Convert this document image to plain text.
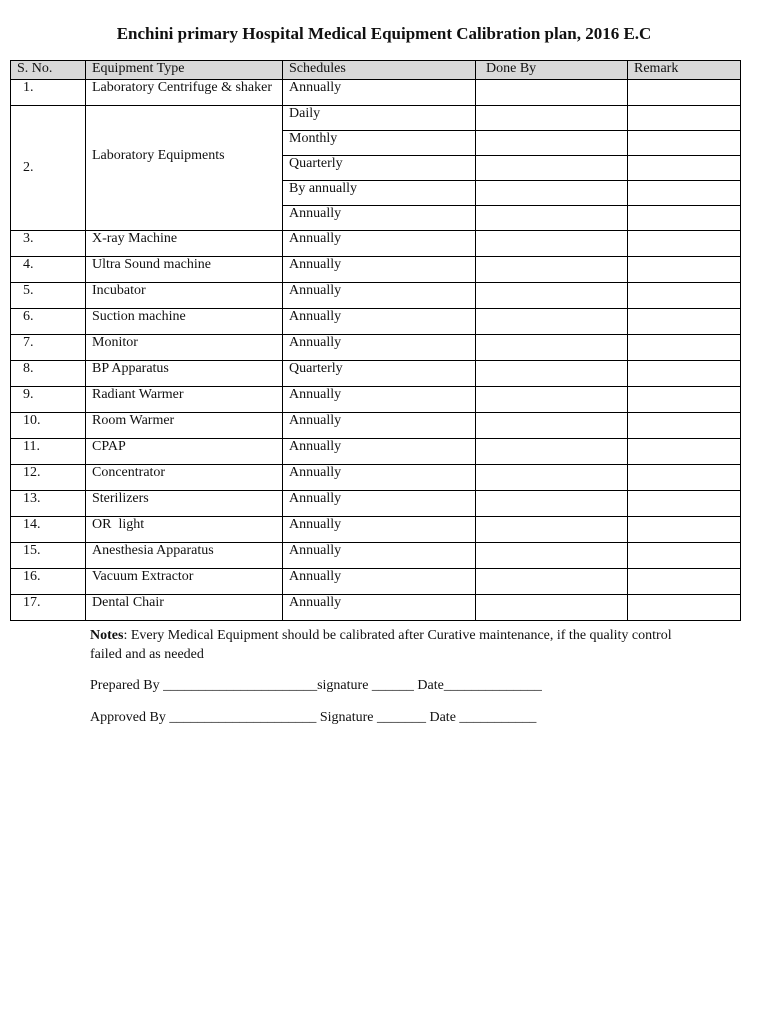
Enchini primary Hospital Medical Equipment Calibration plan, 2016 E.C
S. No.	Equipment Type	Schedules	Done By	Remark
1.	Laboratory Centrifuge & shaker	Annually		
2.	Laboratory Equipments	Daily		
		Monthly		
		Quarterly		
		By annually		
		Annually		
3.	X-ray Machine	Annually		
4.	Ultra Sound machine	Annually		
5.	Incubator	Annually		
6.	Suction machine	Annually		
7.	Monitor	Annually		
8.	BP Apparatus	Quarterly		
9.	Radiant Warmer	Annually		
10.	Room Warmer	Annually		
11.	CPAP	Annually		
12.	Concentrator	Annually		
13.	Sterilizers	Annually		
14.	OR  light	Annually		
15.	Anesthesia Apparatus	Annually		
16.	Vacuum Extractor	Annually		
17.	Dental Chair	Annually		

Notes: Every Medical Equipment should be calibrated after Curative maintenance, if the quality control failed and as needed

Prepared By ______________________signature ______ Date______________

Approved By _____________________ Signature _______ Date ___________
